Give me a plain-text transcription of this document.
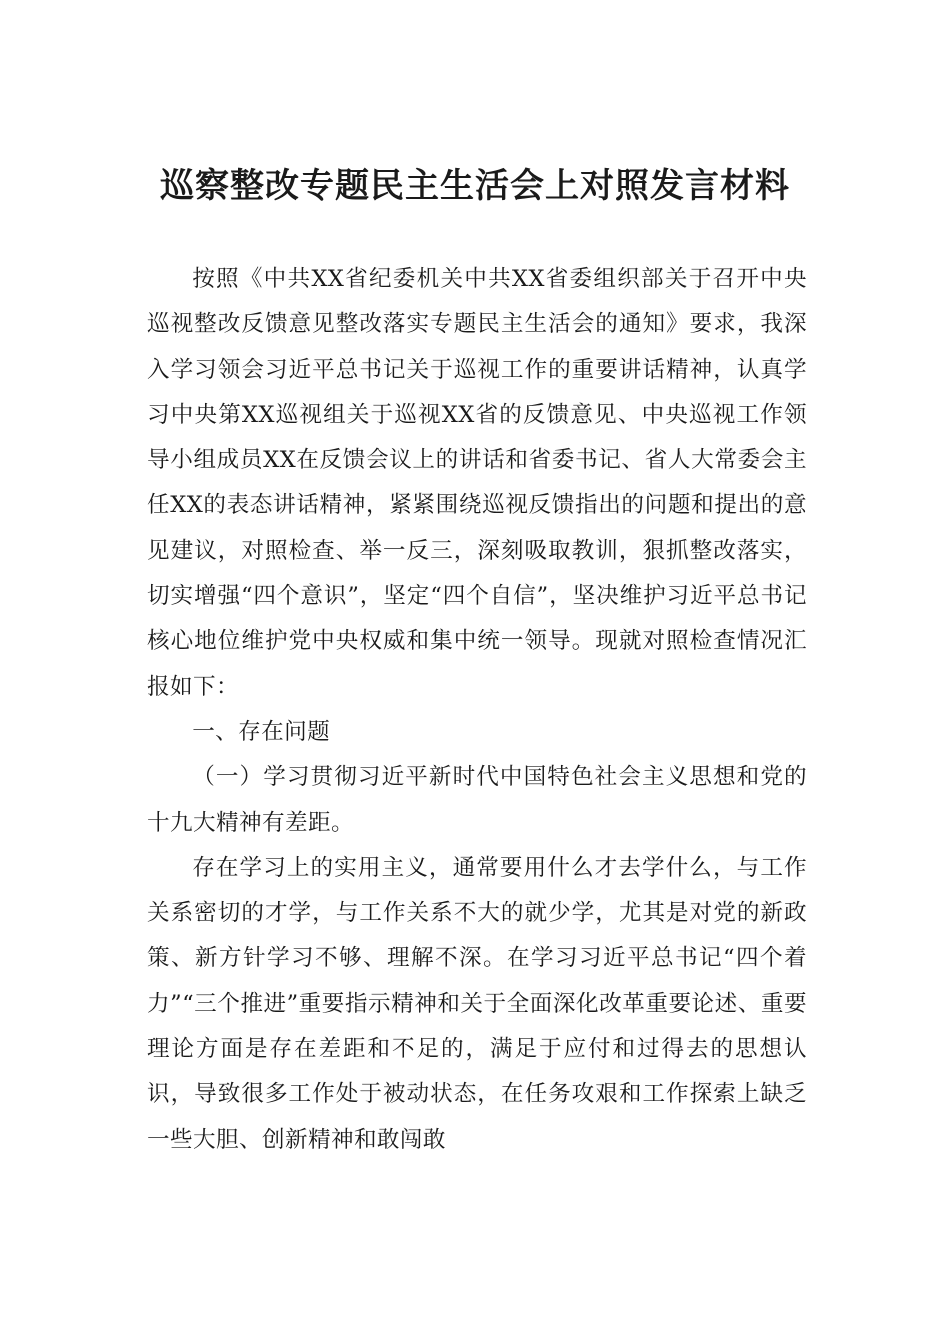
巡察整改专题民主生活会上对照发言材料

按照《中共XX省纪委机关中共XX省委组织部关于召开中央巡视整改反馈意见整改落实专题民主生活会的通知》要求，我深入学习领会习近平总书记关于巡视工作的重要讲话精神，认真学习中央第XX巡视组关于巡视XX省的反馈意见、中央巡视工作领导小组成员XX在反馈会议上的讲话和省委书记、省人大常委会主任XX的表态讲话精神，紧紧围绕巡视反馈指出的问题和提出的意见建议，对照检查、举一反三，深刻吸取教训，狠抓整改落实，切实增强“四个意识”，坚定“四个自信”，坚决维护习近平总书记核心地位维护党中央权威和集中统一领导。现就对照检查情况汇报如下：

一、存在问题

（一）学习贯彻习近平新时代中国特色社会主义思想和党的十九大精神有差距。

存在学习上的实用主义，通常要用什么才去学什么，与工作关系密切的才学，与工作关系不大的就少学，尤其是对党的新政策、新方针学习不够、理解不深。在学习习近平总书记“四个着力”“三个推进”重要指示精神和关于全面深化改革重要论述、重要理论方面是存在差距和不足的，满足于应付和过得去的思想认识，导致很多工作处于被动状态，在任务攻艰和工作探索上缺乏一些大胆、创新精神和敢闯敢
